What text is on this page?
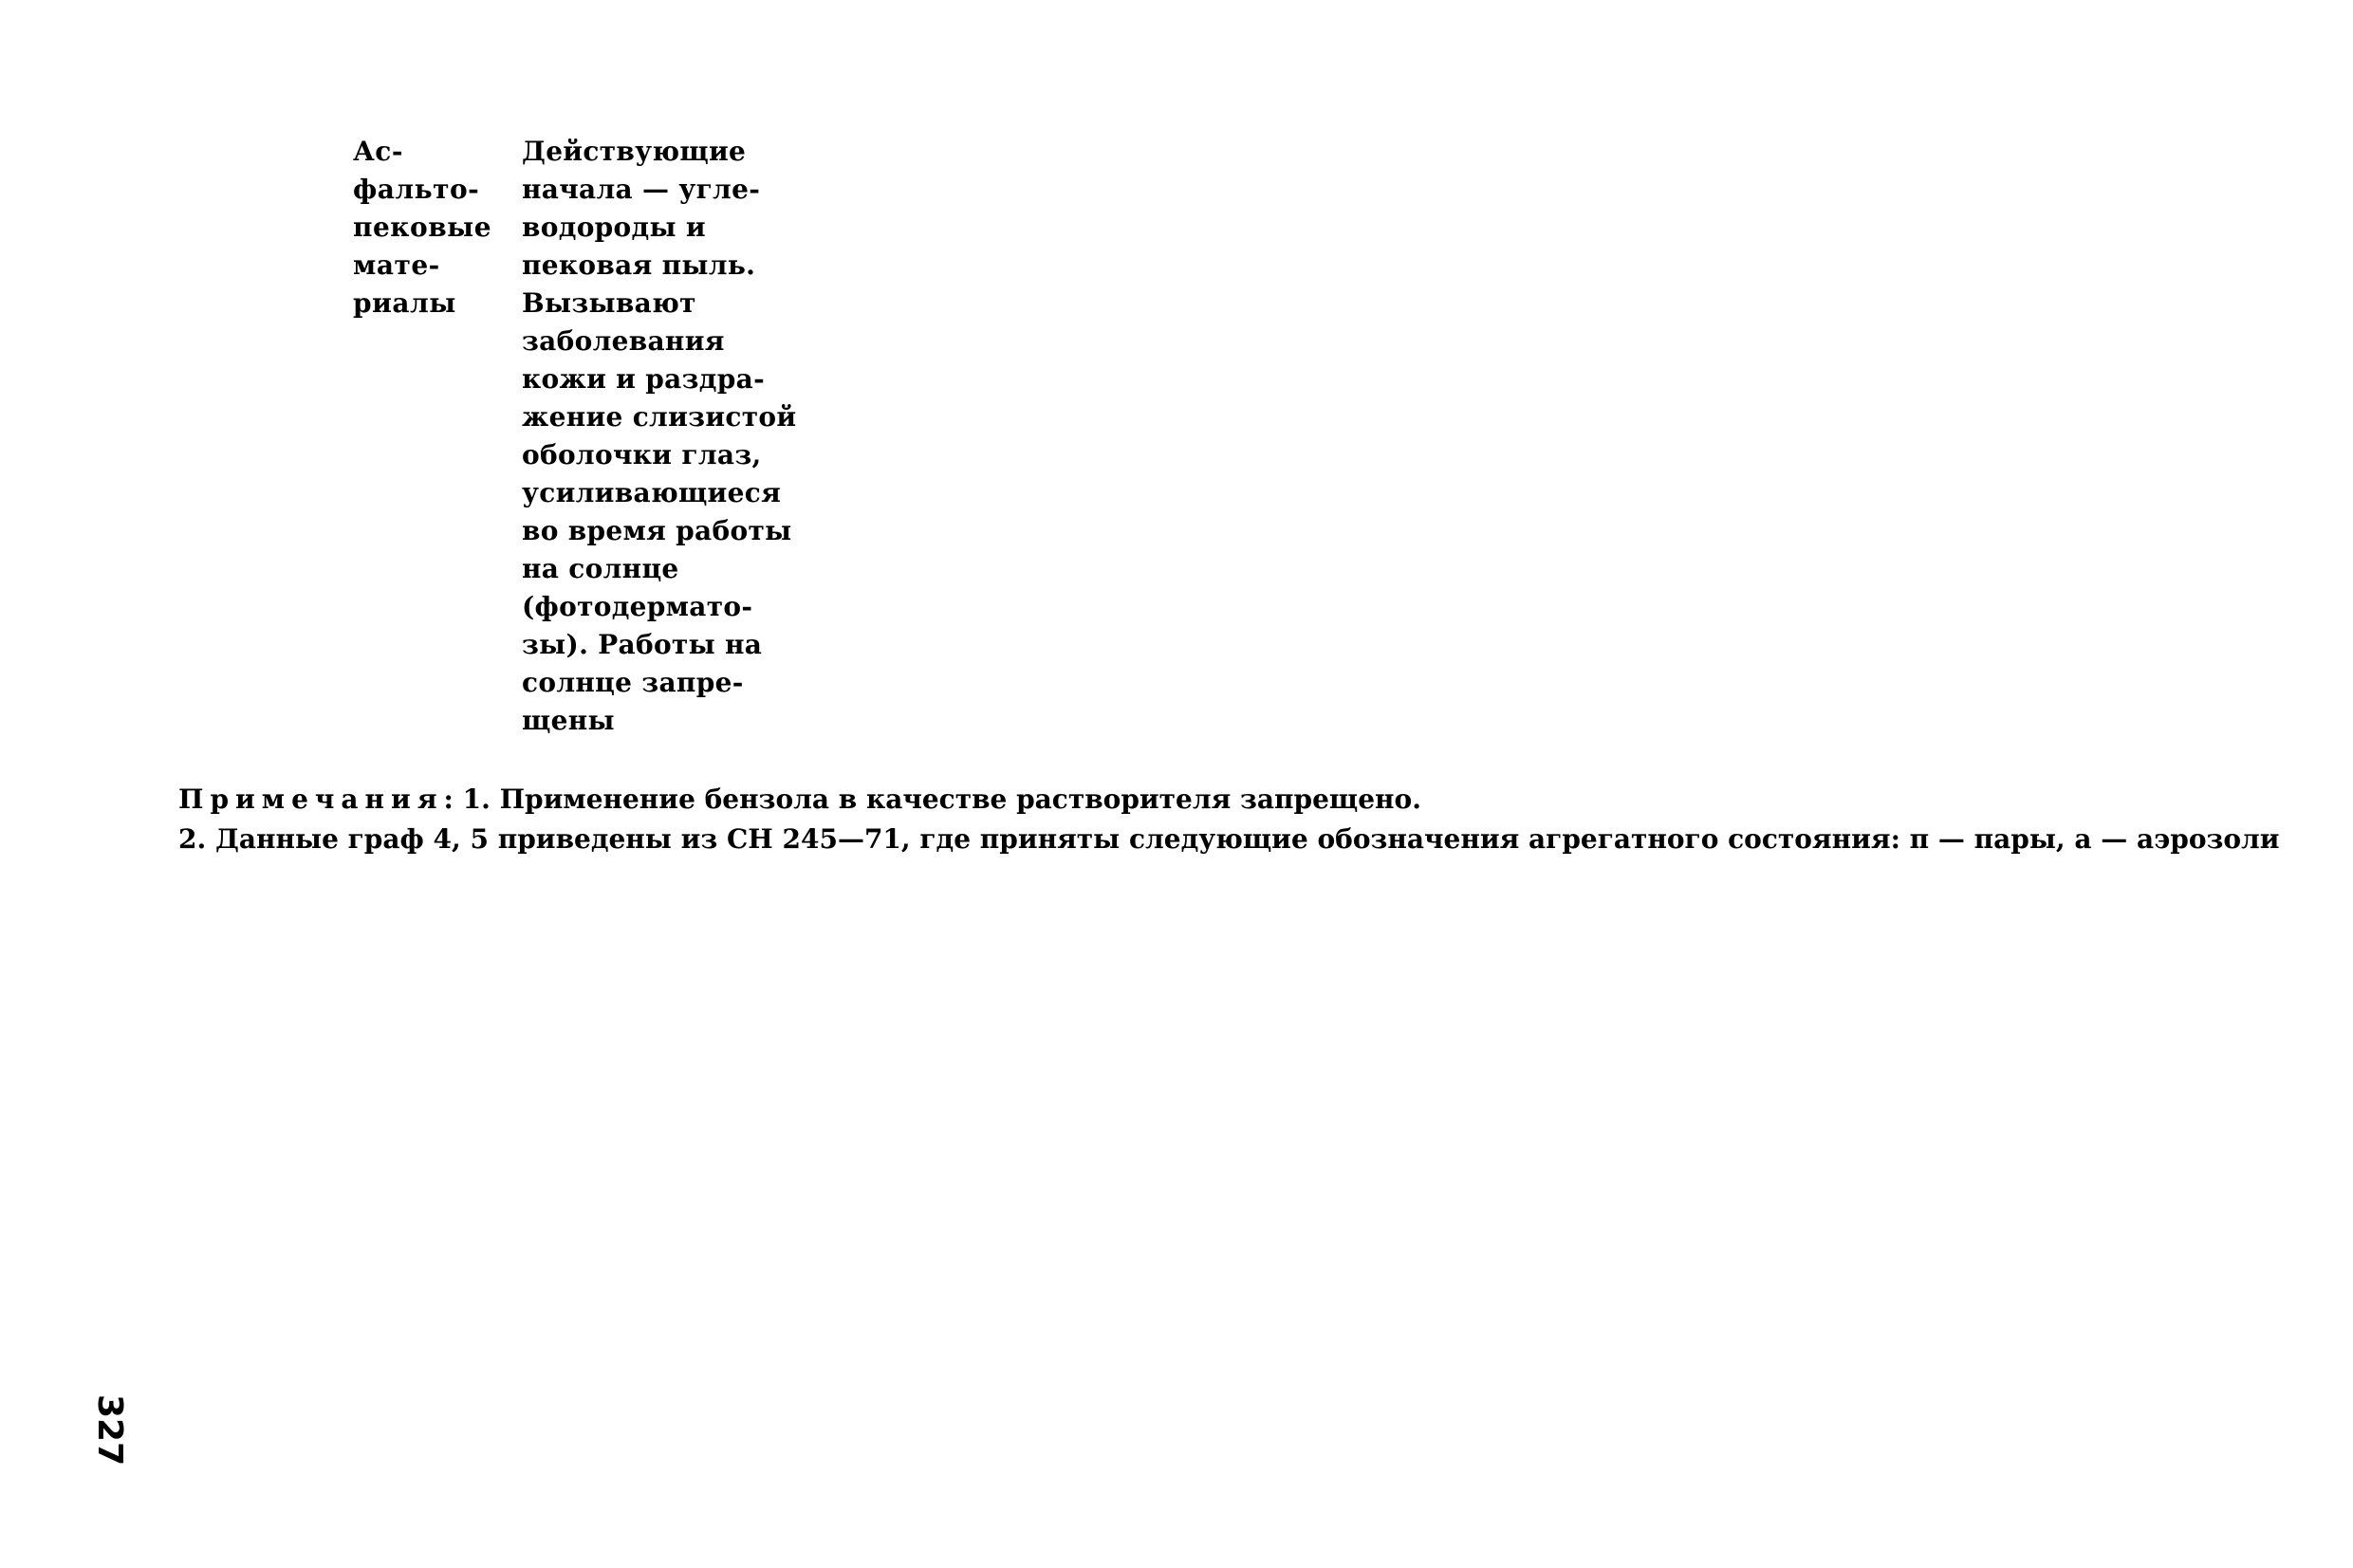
Ас-
фальто-
пековые
мате-
риалы
Действующие
начала — угле-
водороды и
пековая пыль.
Вызывают
заболевания
кожи и раздра-
жение слизистой
оболочки глаз,
усиливающиеся
во время работы
на солнце
(фотодермато-
зы). Работы на
солнце запре-
щены
Примечания: 1. Применение бензола в качестве растворителя запрещено.
2. Данные граф 4, 5 приведены из СН 245—71, где приняты следующие обозначения агрегатного состояния: п — пары, а — аэрозоли
327
